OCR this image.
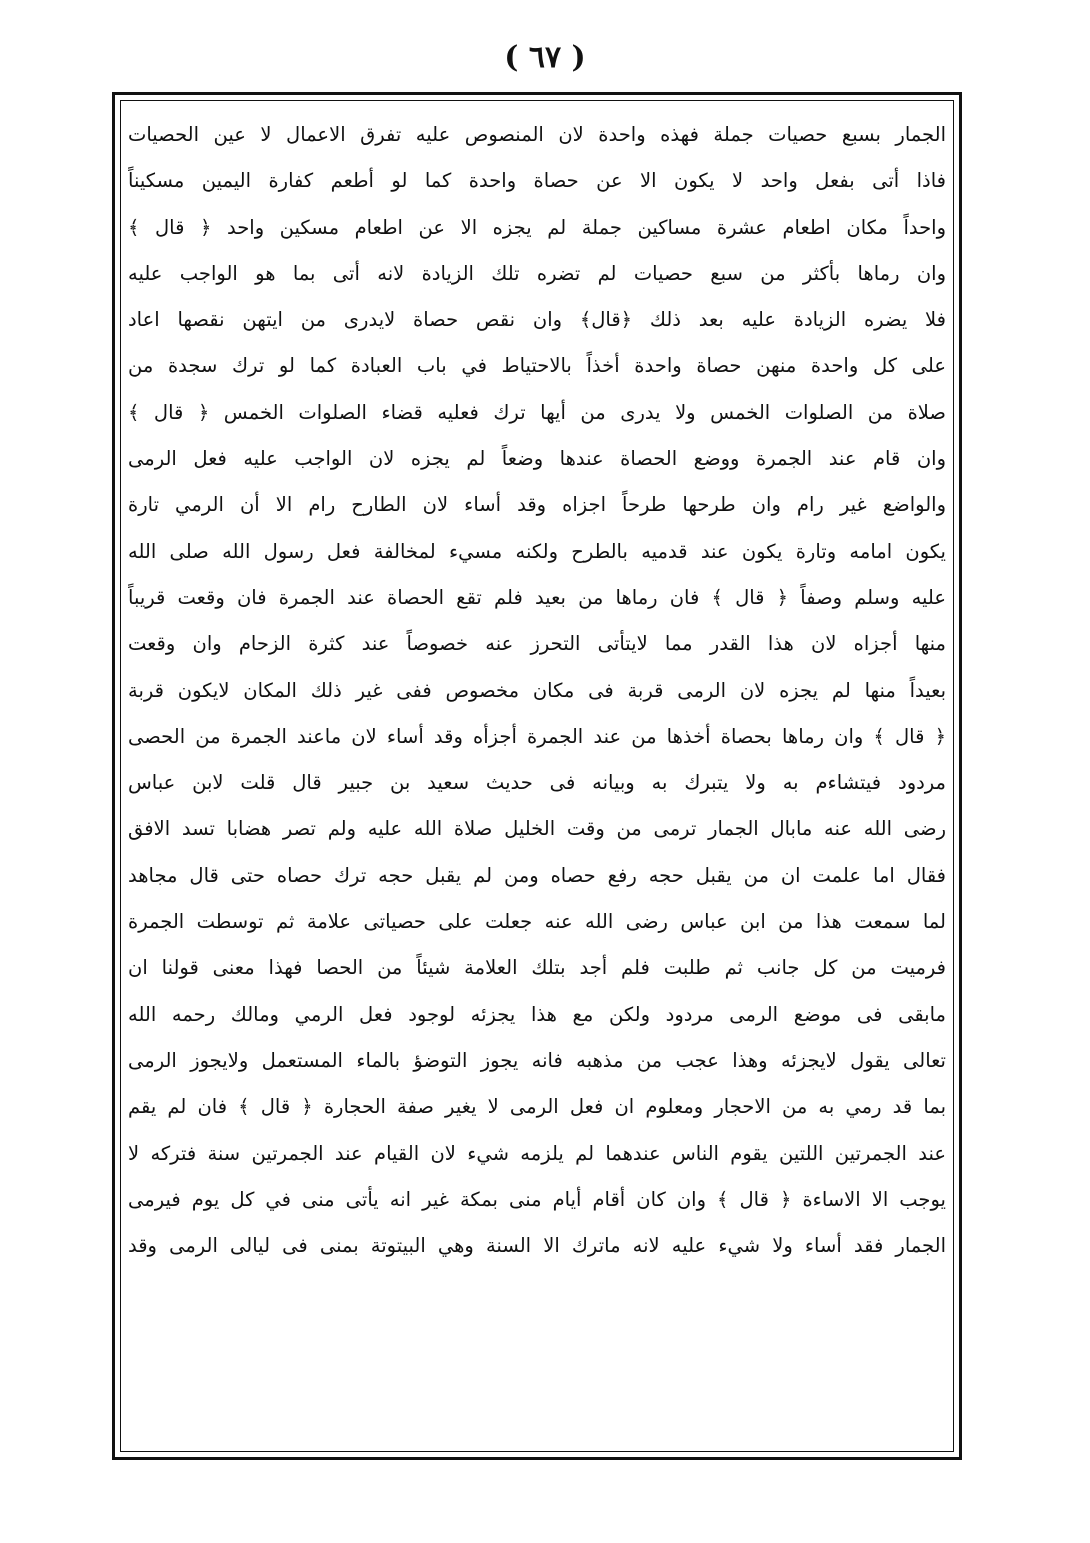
( ٦٧ )
الجمار بسبع حصيات جملة فهذه واحدة لان المنصوص عليه تفرق الاعمال لا عين الحصيات
فاذا أتى بفعل واحد لا يكون الا عن حصاة واحدة كما لو أطعم كفارة اليمين مسكيناً
واحداً مكان اطعام عشرة مساكين جملة لم يجزه الا عن اطعام مسكين واحد ﴿ قال ﴾
وان رماها بأكثر من سبع حصيات لم تضره تلك الزيادة لانه أتى بما هو الواجب عليه
فلا يضره الزيادة عليه بعد ذلك ﴿قال﴾ وان نقص حصاة لايدرى من ايتهن نقصها اعاد
على كل واحدة منهن حصاة واحدة أخذاً بالاحتياط في باب العبادة كما لو ترك سجدة من
صلاة من الصلوات الخمس ولا يدرى من أيها ترك فعليه قضاء الصلوات الخمس ﴿ قال ﴾
وان قام عند الجمرة ووضع الحصاة عندها وضعاً لم يجزه لان الواجب عليه فعل الرمى
والواضع غير رام وان طرحها طرحاً اجزاه وقد أساء لان الطارح رام الا أن الرمي تارة
يكون امامه وتارة يكون عند قدميه بالطرح ولكنه مسيء لمخالفة فعل رسول الله صلى الله
عليه وسلم وصفاً ﴿ قال ﴾ فان رماها من بعيد فلم تقع الحصاة عند الجمرة فان وقعت قريباً
منها أجزاه لان هذا القدر مما لايتأتى التحرز عنه خصوصاً عند كثرة الزحام وان وقعت
بعيداً منها لم يجزه لان الرمى قربة فى مكان مخصوص ففى غير ذلك المكان لايكون قربة
﴿ قال ﴾ وان رماها بحصاة أخذها من عند الجمرة أجزأه وقد أساء لان ماعند الجمرة من الحصى
مردود فيتشاءم به ولا يتبرك به وبيانه فى حديث سعيد بن جبير قال قلت لابن عباس
رضى الله عنه مابال الجمار ترمى من وقت الخليل صلاة الله عليه ولم تصر هضابا تسد الافق
فقال اما علمت ان من يقبل حجه رفع حصاه ومن لم يقبل حجه ترك حصاه حتى قال مجاهد
لما سمعت هذا من ابن عباس رضى الله عنه جعلت على حصياتى علامة ثم توسطت الجمرة
فرميت من كل جانب ثم طلبت فلم أجد بتلك العلامة شيئاً من الحصا فهذا معنى قولنا ان
مابقى فى موضع الرمى مردود ولكن مع هذا يجزئه لوجود فعل الرمي ومالك رحمه الله
تعالى يقول لايجزئه وهذا عجب من مذهبه فانه يجوز التوضؤ بالماء المستعمل ولايجوز الرمى
بما قد رمي به من الاحجار ومعلوم ان فعل الرمى لا يغير صفة الحجارة ﴿ قال ﴾ فان لم يقم
عند الجمرتين اللتين يقوم الناس عندهما لم يلزمه شيء لان القيام عند الجمرتين سنة فتركه لا
يوجب الا الاساءة ﴿ قال ﴾ وان كان أقام أيام منى بمكة غير انه يأتى منى في كل يوم فيرمى
الجمار فقد أساء ولا شيء عليه لانه ماترك الا السنة وهي البيتوتة بمنى فى ليالى الرمى وقد
